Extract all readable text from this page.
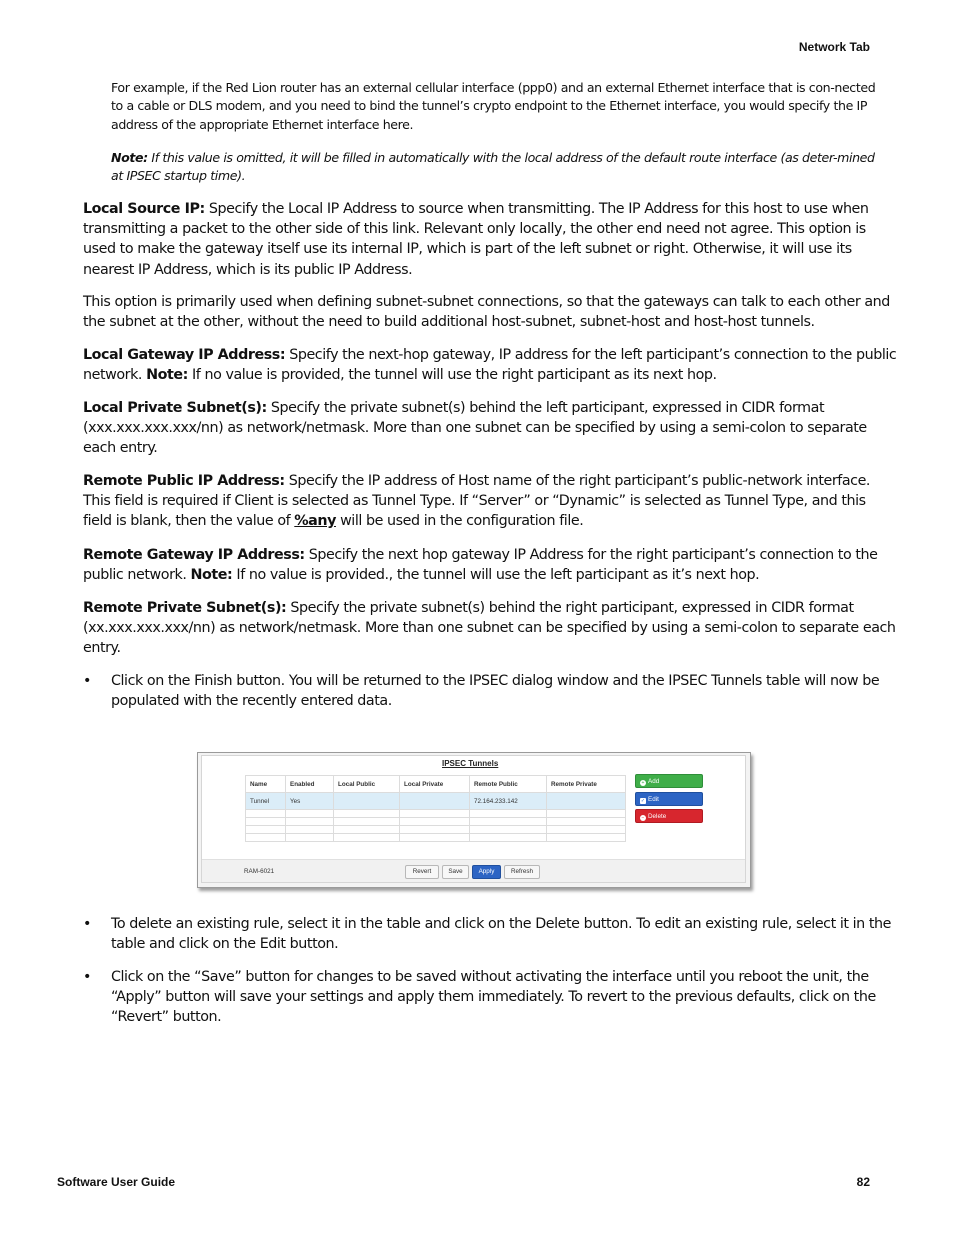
Network Tab

For example, if the Red Lion router has an external cellular interface (ppp0) and an external Ethernet interface that is con-nected to a cable or DLS modem, and you need to bind the tunnel’s crypto endpoint to the Ethernet interface, you would specify the IP address of the appropriate Ethernet interface here.

Note: If this value is omitted, it will be filled in automatically with the local address of the default route interface (as deter-mined at IPSEC startup time).

Local Source IP: Specify the Local IP Address to source when transmitting. The IP Address for this host to use when transmitting a packet to the other side of this link. Relevant only locally, the other end need not agree. This option is used to make the gateway itself use its internal IP, which is part of the left subnet or right. Otherwise, it will use its nearest IP Address, which is its public IP Address.

This option is primarily used when defining subnet-subnet connections, so that the gateways can talk to each other and the subnet at the other, without the need to build additional host-subnet, subnet-host and host-host tunnels.

Local Gateway IP Address: Specify the next-hop gateway, IP address for the left participant’s connection to the public network. Note: If no value is provided, the tunnel will use the right participant as its next hop.

Local Private Subnet(s): Specify the private subnet(s) behind the left participant, expressed in CIDR format (xxx.xxx.xxx.xxx/nn) as network/netmask. More than one subnet can be specified by using a semi-colon to separate each entry.

Remote Public IP Address: Specify the IP address of Host name of the right participant’s public-network interface. This field is required if Client is selected as Tunnel Type. If “Server” or “Dynamic” is selected as Tunnel Type, and this field is blank, then the value of %any will be used in the configuration file.

Remote Gateway IP Address: Specify the next hop gateway IP Address for the right participant’s connection to the public network. Note: If no value is provided., the tunnel will use the left participant as it’s next hop.

Remote Private Subnet(s): Specify the private subnet(s) behind the right participant, expressed in CIDR format (xx.xxx.xxx.xxx/nn) as network/netmask. More than one subnet can be specified by using a semi-colon to separate each entry.

• Click on the Finish button. You will be returned to the IPSEC dialog window and the IPSEC Tunnels table will now be populated with the recently entered data.
IPSEC Tunnels
Name	Enabled	Local Public	Local Private	Remote Public	Remote Private
Tunnel	Yes			72.164.233.142	

+ Add
✓ Edit
− Delete
RAM-6021	Revert	Save	Apply	Refresh
• To delete an existing rule, select it in the table and click on the Delete button. To edit an existing rule, select it in the table and click on the Edit button.
• Click on the “Save” button for changes to be saved without activating the interface until you reboot the unit, the “Apply” button will save your settings and apply them immediately. To revert to the previous defaults, click on the “Revert” button.
Software User Guide	82
